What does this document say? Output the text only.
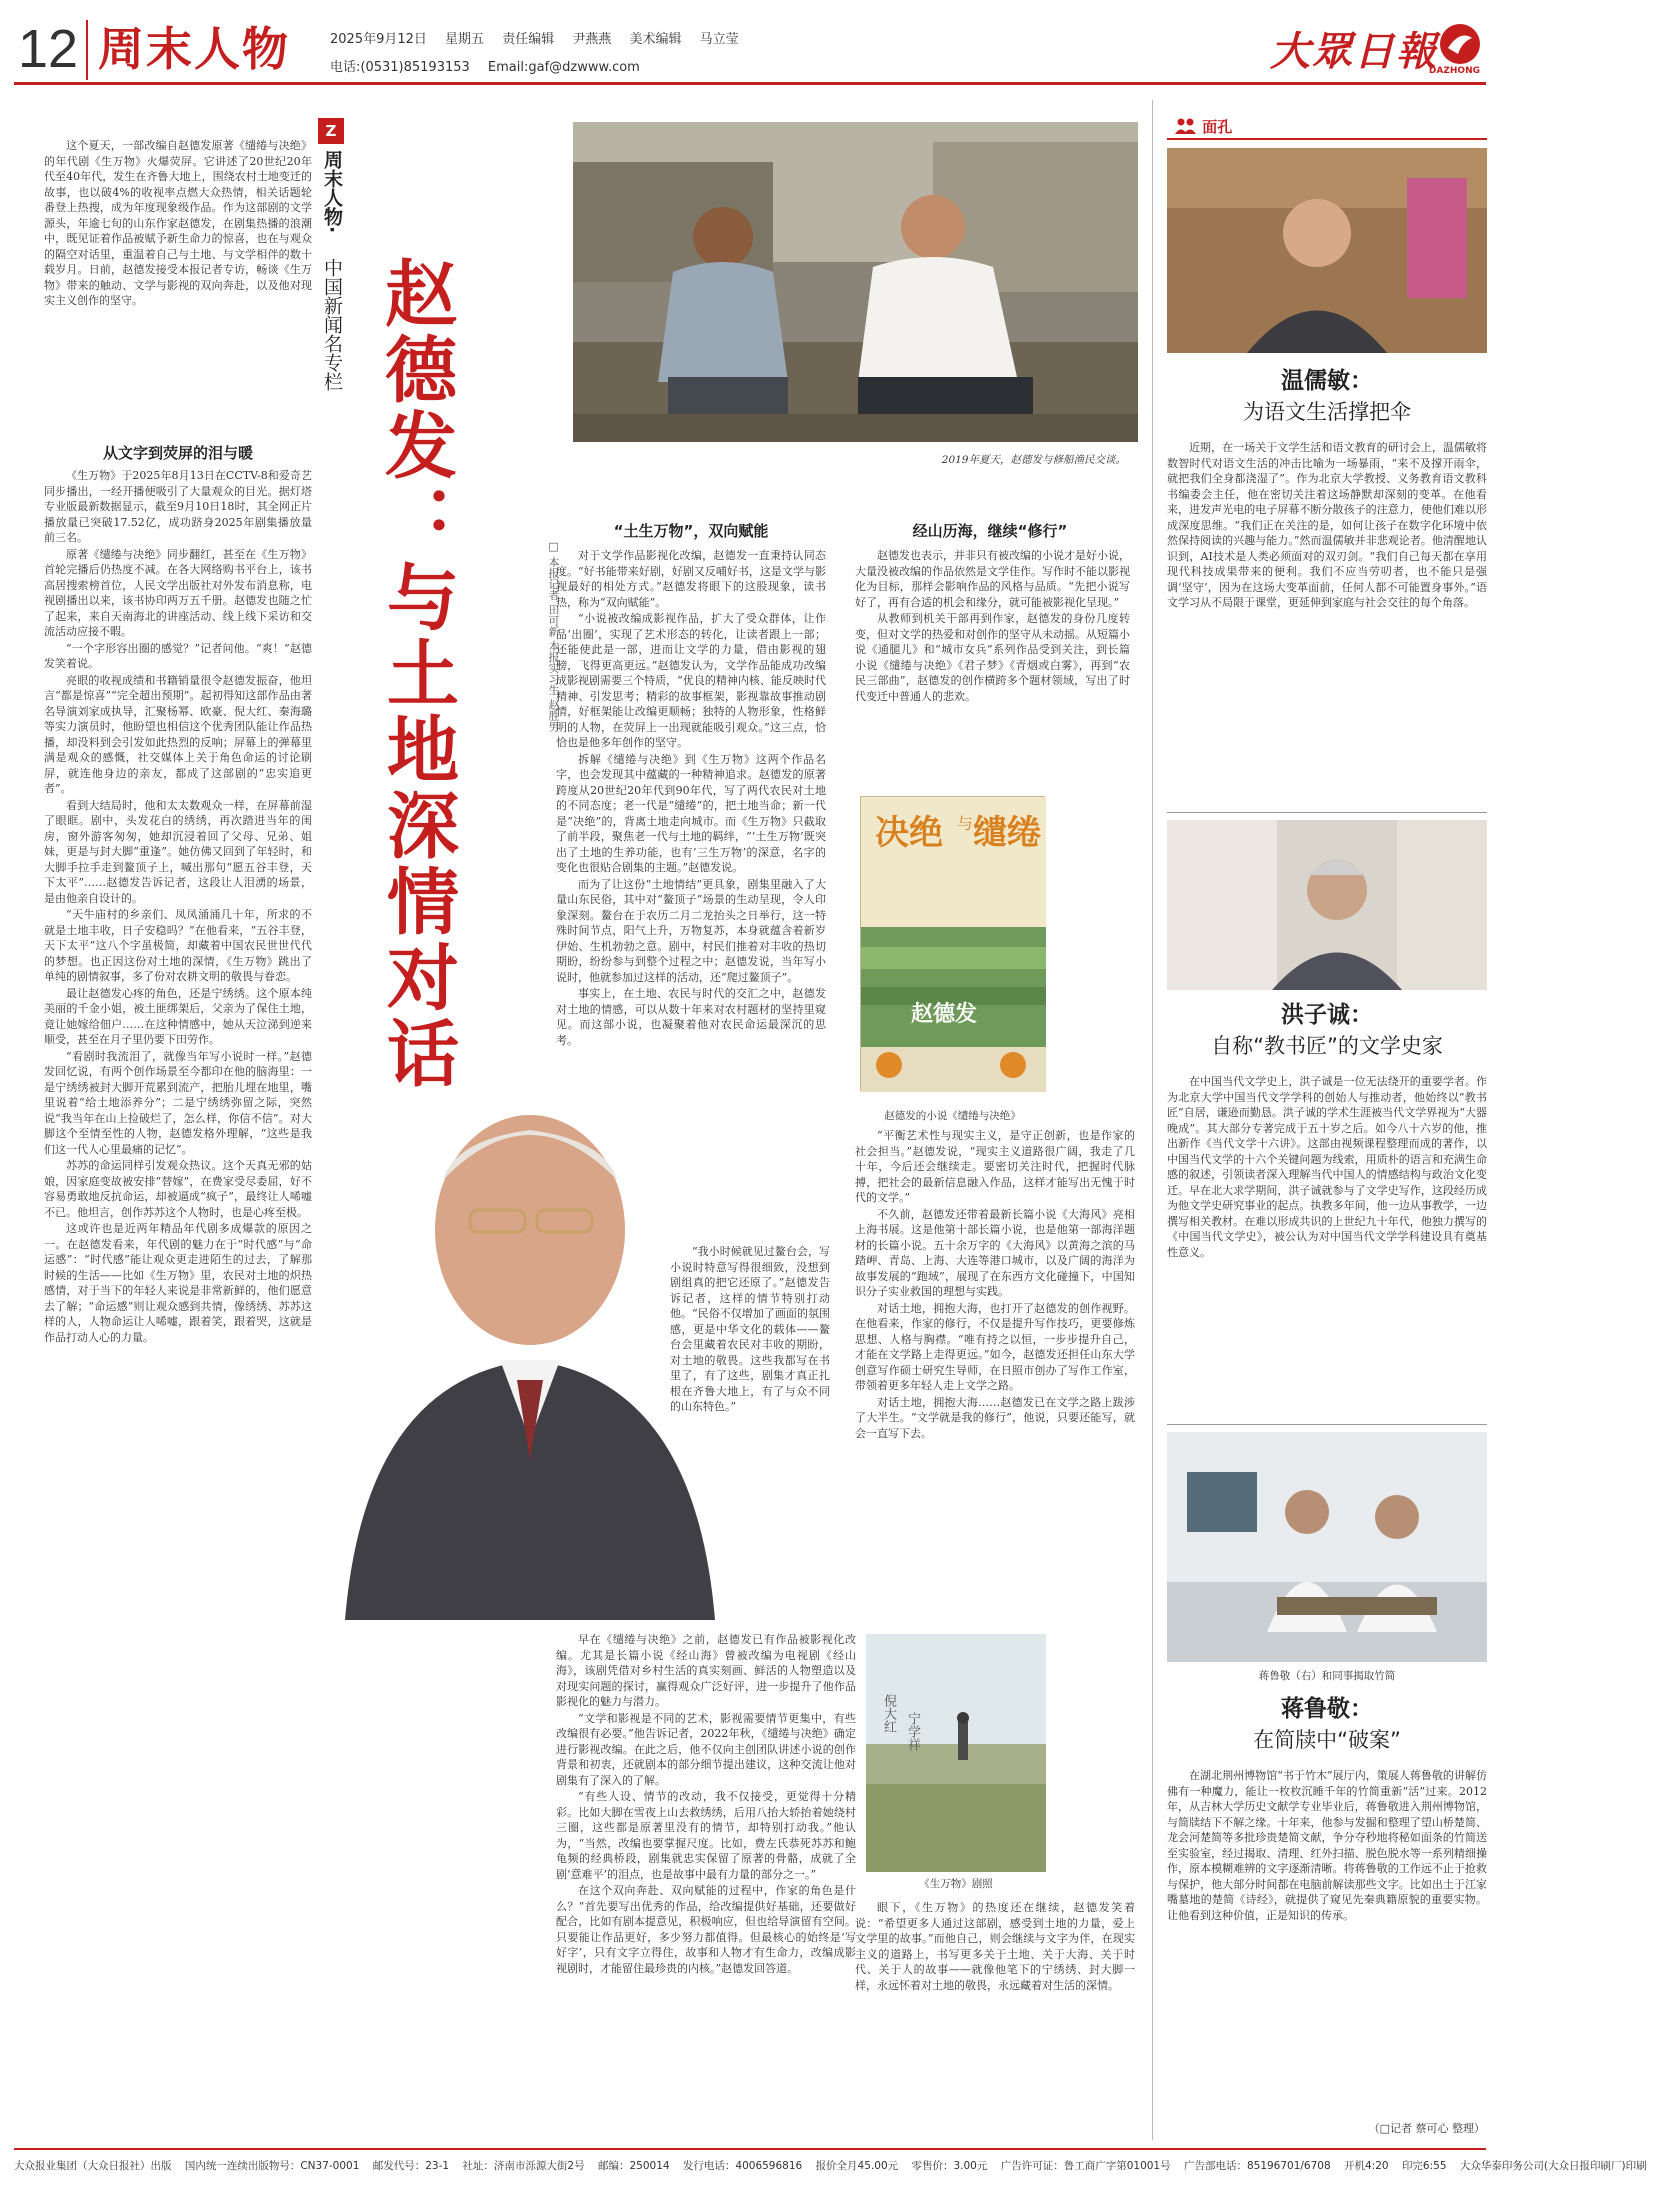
12 周末人物	2025年9月12日 星期五 责任编辑 尹燕燕 美术编辑 马立莹
电话:(0531)85193153 Email:gaf@dzwww.com	大眾日報
DAZHONG

这个夏天，一部改编自赵德发原著《缱绻与决绝》的年代剧《生万物》火爆荧屏。它讲述了20世纪20年代至40年代，发生在齐鲁大地上，围绕农村土地变迁的故事，也以破4%的收视率点燃大众热情，相关话题轮番登上热搜，成为年度现象级作品。作为这部剧的文学源头，年逾七旬的山东作家赵德发，在剧集热播的浪潮中，既见证着作品被赋予新生命力的惊喜，也在与观众的隔空对话里，重温着自己与土地、与文学相伴的数十载岁月。日前，赵德发接受本报记者专访，畅谈《生万物》带来的触动、文学与影视的双向奔赴，以及他对现实主义创作的坚守。

从文字到荧屏的泪与暖

《生万物》于2025年8月13日在CCTV-8和爱奇艺同步播出，一经开播便吸引了大量观众的目光。据灯塔专业版最新数据显示，截至9月10日18时，其全网正片播放量已突破17.52亿，成功跻身2025年剧集播放量前三名。

原著《缱绻与决绝》同步翻红，甚至在《生万物》首轮完播后仍热度不减。在各大网络购书平台上，该书高居搜索榜首位，人民文学出版社对外发布消息称，电视剧播出以来，该书协印两万五千册。赵德发也随之忙了起来，来自天南海北的讲座活动、线上线下采访和交流活动应接不暇。

“一个字形容出圈的感觉？”记者问他。“爽！”赵德发笑着说。

亮眼的收视成绩和书籍销量很令赵德发振奋，他坦言“都是惊喜”“完全超出预期”。起初得知这部作品由著名导演刘家成执导，汇聚杨幂、欧豪、倪大红、秦海璐等实力演员时，他盼望也相信这个优秀团队能让作品热播，却没料到会引发如此热烈的反响；屏幕上的弹幕里满是观众的感慨，社交媒体上关于角色命运的讨论刷屏，就连他身边的亲友，都成了这部剧的“忠实追更者”。

看到大结局时，他和太太数观众一样，在屏幕前湿了眼眶。剧中，头发花白的绣绣，再次踏进当年的闺房，窗外游客匆匆，她却沉浸着回了父母、兄弟、姐妹，更是与封大脚“重逢”。她仿佛又回到了年轻时，和大脚手拉手走到鳌顶子上，喊出那句“愿五谷丰登，天下太平”……赵德发告诉记者，这段让人泪湧的场景，是由他亲自设计的。

“天牛庙村的乡亲们、凤凤涌涌几十年，所求的不就是土地丰收，日子安稳吗？”在他看来，“五谷丰登，天下太平”这八个字虽极简，却藏着中国农民世世代代的梦想。也正因这份对土地的深情，《生万物》跳出了单纯的剧情叙事，多了份对农耕文明的敬畏与眷恋。

最让赵德发心疼的角色，还是宁绣绣。这个原本纯美丽的千金小姐，被土匪绑架后，父亲为了保住土地，竟让她嫁给佃户……在这种情感中，她从天泣涕到逆来顺受，甚至在月子里仍要下田劳作。

“看剧时我流泪了，就像当年写小说时一样。”赵德发回忆说，有两个创作场景至今都印在他的脑海里：一是宁绣绣被封大脚开荒累到流产，把胎儿埋在地里，嘴里说着“给土地添养分”；二是宁绣绣弥留之际，突然说“我当年在山上捡破烂了，怎么样，你信不信”。对大脚这个至情至性的人物，赵德发格外理解，“这些是我们这一代人心里最痛的记忆”。

苏苏的命运同样引发观众热议。这个天真无邪的姑娘，因家庭变故被安排“替嫁”，在费家受尽委屈，好不容易勇敢地反抗命运，却被逼成“疯子”，最终让人唏嘘不已。他坦言，创作苏苏这个人物时，也是心疼至极。

这或许也是近两年精品年代剧多成爆款的原因之一。在赵德发看来，年代剧的魅力在于“时代感”与“命运感”：“时代感”能让观众更走进陌生的过去，了解那时候的生活——比如《生万物》里，农民对土地的炽热感情，对于当下的年轻人来说是非常新鲜的，他们愿意去了解；“命运感”则让观众感到共情，像绣绣、苏苏这样的人，人物命运让人唏嘘，跟着笑，跟着哭，这就是作品打动人心的力量。

Z
周末人物·
中国新闻名专栏 赵德发：
与土地深情对话	□ 本报记者 田可新 本报实习生 赵胜男
2019年夏天，赵德发与修船渔民交谈。
“土生万物”，双向赋能

对于文学作品影视化改编，赵德发一直秉持认同态度。“好书能带来好剧，好剧又反哺好书，这是文学与影视最好的相处方式。”赵德发将眼下的这股现象，读书热，称为“双向赋能”。

“小说被改编成影视作品，扩大了受众群体，让作品‘出圈’，实现了艺术形态的转化，让读者跟上一部；还能使此是一部，进而让文学的力量，借由影视的翅膀，飞得更高更远。”赵德发认为，文学作品能成功改编成影视剧需要三个特质，“优良的精神内核、能反映时代精神、引发思考；精彩的故事框架，影视靠故事推动剧情，好框架能让改编更顺畅；独特的人物形象，性格鲜明的人物，在荧屏上一出现就能吸引观众。”这三点，恰恰也是他多年创作的坚守。

拆解《缱绻与决绝》到《生万物》这两个作品名字，也会发现其中蕴藏的一种精神追求。赵德发的原著跨度从20世纪20年代到90年代，写了两代农民对土地的不同态度；老一代是“缱绻”的，把土地当命；新一代是“决绝”的，背离土地走向城市。而《生万物》只截取了前半段，聚焦老一代与土地的羁绊，“‘土生万物’既突出了土地的生养功能，也有‘三生万物’的深意，名字的变化也很贴合剧集的主题。”赵德发说。

而为了让这份“土地情结”更具象，剧集里融入了大量山东民俗，其中对“鳌顶子”场景的生动呈现，令人印象深刻。鳌台在于农历二月二龙抬头之日举行，这一特殊时间节点，阳气上升，万物复苏，本身就蕴含着新岁伊始、生机勃勃之意。剧中，村民们推着对丰收的热切期盼，纷纷参与到整个过程之中；赵德发说，当年写小说时，他就参加过这样的活动，还“爬过鳌顶子”。

事实上，在土地、农民与时代的交汇之中，赵德发对土地的情感，可以从数十年来对农村题材的坚持里窥见。而这部小说，也凝聚着他对农民命运最深沉的思考。

“我小时候就见过鳌台会，写小说时特意写得很细致，没想到剧组真的把它还原了。”赵德发告诉记者，这样的情节特别打动他。“民俗不仅增加了画面的氛围感，更是中华文化的载体——鳌台会里藏着农民对丰收的期盼，对土地的敬畏。这些我都写在书里了，有了这些，剧集才真正扎根在齐鲁大地上，有了与众不同的山东特色。”

早在《缱绻与决绝》之前，赵德发已有作品被影视化改编。尤其是长篇小说《经山海》曾被改编为电视剧《经山海》，该剧凭借对乡村生活的真实刻画、鲜活的人物塑造以及对现实问题的探讨，赢得观众广泛好评，进一步提升了他作品影视化的魅力与潜力。

“文学和影视是不同的艺术，影视需要情节更集中，有些改编很有必要。”他告诉记者，2022年秋，《缱绻与决绝》确定进行影视改编。在此之后，他不仅向主创团队讲述小说的创作背景和初衷，还就剧本的部分细节提出建议，这种交流让他对剧集有了深入的了解。

“有些人设、情节的改动，我不仅接受，更觉得十分精彩。比如大脚在雪夜上山去救绣绣，后用八抬大轿抬着她绕村三圈，这些都是原著里没有的情节，却特别打动我。”他认为，“当然，改编也要掌握尺度。比如，费左氏恭死苏苏和鲍龟频的经典桥段，剧集就忠实保留了原著的骨骼，成就了全剧‘意难平’的泪点，也是故事中最有力量的部分之一。”

在这个双向奔赴、双向赋能的过程中，作家的角色是什么？“首先要写出优秀的作品，给改编提供好基础，还要做好配合，比如有剧本提意见，积极响应，但也给导演留有空间。只要能让作品更好，多少努力都值得。但最核心的始终是‘写好字’，只有文字立得住，故事和人物才有生命力，改编成影视剧时，才能留住最珍贵的内核。”赵德发回答道。

经山历海，继续“修行”

赵德发也表示，并非只有被改编的小说才是好小说，大量没被改编的作品依然是文学佳作。写作时不能以影视化为目标，那样会影响作品的风格与品质。“先把小说写好了，再有合适的机会和缘分，就可能被影视化呈现。”

从教师到机关干部再到作家，赵德发的身份几度转变，但对文学的热爱和对创作的坚守从未动摇。从短篇小说《通腿儿》和“城市女兵”系列作品受到关注，到长篇小说《缱绻与决绝》《君子梦》《青烟或白雾》，再到“农民三部曲”，赵德发的创作横跨多个题材领域，写出了时代变迁中普通人的悲欢。

决绝 与 缱绻
赵德发
赵德发的小说《缱绻与决绝》

“平衡艺术性与现实主义，是守正创新，也是作家的社会担当。”赵德发说，“现实主义道路很广阔，我走了几十年，今后还会继续走。要密切关注时代，把握时代脉搏，把社会的最新信息融入作品，这样才能写出无愧于时代的文学。”

不久前，赵德发还带着最新长篇小说《大海风》亮相上海书展。这是他第十部长篇小说，也是他第一部海洋题材的长篇小说。五十余万字的《大海风》以黄海之滨的马踏岬、青岛、上海、大连等港口城市，以及广阔的海洋为故事发展的“跑域”，展现了在东西方文化碰撞下，中国知识分子实业救国的理想与实践。

对话土地，拥抱大海，也打开了赵德发的创作视野。在他看来，作家的修行，不仅是提升写作技巧，更要修炼思想、人格与胸襟。“唯有持之以恒，一步步提升自己，才能在文学路上走得更远。”如今，赵德发还担任山东大学创意写作硕士研究生导师，在日照市创办了写作工作室，带领着更多年轻人走上文学之路。

对话土地，拥抱大海……赵德发已在文学之路上跋涉了大半生。“文学就是我的修行”，他说，只要还能写，就会一直写下去。

倪大红 宁学祥
《生万物》剧照

眼下，《生万物》的热度还在继续，赵德发笑着说：“希望更多人通过这部剧，感受到土地的力量，爱上文学里的故事。”而他自己，则会继续与文字为伴，在现实主义的道路上，书写更多关于土地、关于大海、关于时代、关于人的故事——就像他笔下的宁绣绣、封大脚一样，永远怀着对土地的敬畏，永远藏着对生活的深情。

面孔
温儒敏：
为语文生活撑把伞

近期，在一场关于文学生活和语文教育的研讨会上，温儒敏将数智时代对语文生活的冲击比喻为一场暴雨，“来不及撑开雨伞，就把我们全身都浇湿了”。作为北京大学教授、义务教育语文教科书编委会主任，他在密切关注着这场静默却深刻的变革。在他看来，进发声光电的电子屏幕不断分散孩子的注意力，使他们难以形成深度思维。“我们正在关注的是，如何让孩子在数字化环境中依然保持阅读的兴趣与能力。”然而温儒敏并非悲观论者。他清醒地认识到，AI技术是人类必须面对的双刃剑。“我们自己每天都在享用现代科技成果带来的便利。我们不应当劳叨者，也不能只是强调‘坚守’，因为在这场大变革面前，任何人都不可能置身事外。”语文学习从不局限于课堂，更延伸到家庭与社会交往的每个角落。

洪子诚：
自称“教书匠”的文学史家

在中国当代文学史上，洪子诚是一位无法绕开的重要学者。作为北京大学中国当代文学学科的创始人与推动者，他始终以“教书匠”自居，谦逊而勤恳。洪子诚的学术生涯被当代文学界视为“大器晚成”。其大部分专著完成于五十岁之后。如今八十六岁的他，推出新作《当代文学十六讲》。这部由视频课程整理而成的著作，以中国当代文学的十六个关键问题为线索，用质朴的语言和充满生命感的叙述，引领读者深入理解当代中国人的情感结构与政治文化变迁。早在北大求学期间，洪子诚就参与了文学史写作，这段经历成为他文学史研究事业的起点。执教多年间，他一边从事教学，一边撰写相关教材。在难以形成共识的上世纪九十年代，他独力撰写的《中国当代文学史》，被公认为对中国当代文学学科建设具有奠基性意义。

蒋鲁敬（右）和同事揭取竹简
蒋鲁敬：
在简牍中“破案”

在湖北荆州博物馆“书于竹木”展厅内，策展人蒋鲁敬的讲解仿佛有一种魔力，能让一枚枚沉睡千年的竹简重新“活”过来。2012年，从吉林大学历史文献学专业毕业后，蒋鲁敬进入荆州博物馆，与简牍结下不解之缘。十年来，他参与发掘和整理了望山桥楚简、龙会河楚简等多批珍贵楚简文献，争分夺秒地将秘如面条的竹简送至实验室，经过揭取、清理、红外扫描、脱色脱水等一系列精细操作，原本模糊难辨的文字逐渐清晰。将蒋鲁敬的工作远不止于抢救与保护，他大部分时间都在电脑前解读那些文字。比如出土于江家嘴墓地的楚简《诗经》，就提供了窥见先秦典籍原貌的重要实物。让他看到这种价值，正是知识的传承。

（□记者 蔡可心 整理）
大众报业集团（大众日报社）出版 国内统一连续出版物号：CN37-0001 邮发代号：23-1 社址：济南市泺源大街2号 邮编：250014 发行电话：4006596816 报价全月45.00元 零售价：3.00元 广告许可证：鲁工商广字第01001号 广告部电话：85196701/6708 开机4:20 印完6:55 大众华泰印务公司(大众日报印刷厂)印刷
